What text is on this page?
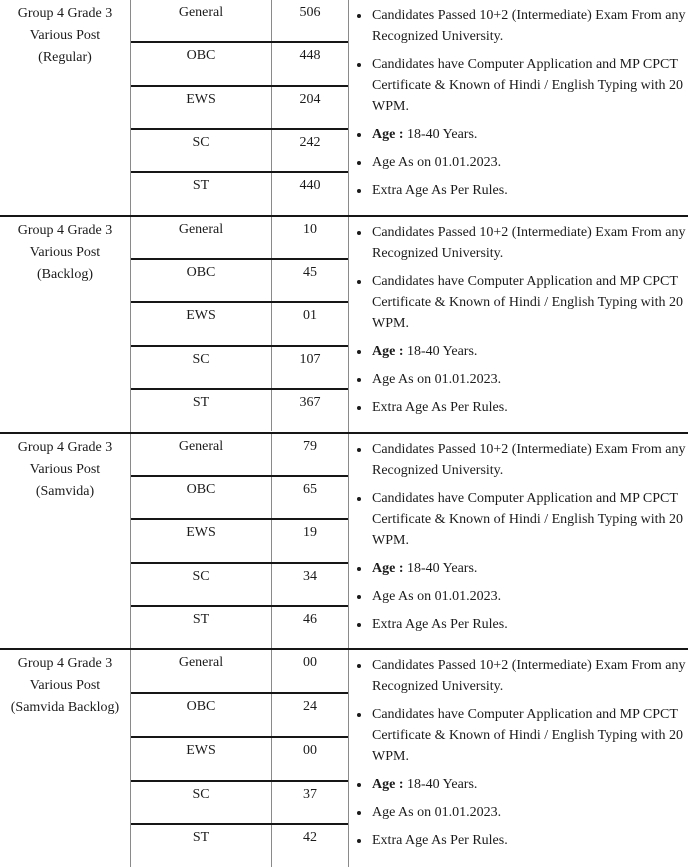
Group 4 Grade 3
Various Post
(Regular)
General	506
OBC	448
EWS	204
SC	242
ST	440
• Candidates Passed 10+2 (Intermediate) Exam From any Recognized University.
• Candidates have Computer Application and MP CPCT Certificate & Known of Hindi / English Typing with 20 WPM.
• Age : 18-40 Years.
• Age As on 01.01.2023.
• Extra Age As Per Rules.
Group 4 Grade 3
Various Post
(Backlog)
General	10
OBC	45
EWS	01
SC	107
ST	367
• Candidates Passed 10+2 (Intermediate) Exam From any Recognized University.
• Candidates have Computer Application and MP CPCT Certificate & Known of Hindi / English Typing with 20 WPM.
• Age : 18-40 Years.
• Age As on 01.01.2023.
• Extra Age As Per Rules.
Group 4 Grade 3
Various Post
(Samvida)
General	79
OBC	65
EWS	19
SC	34
ST	46
• Candidates Passed 10+2 (Intermediate) Exam From any Recognized University.
• Candidates have Computer Application and MP CPCT Certificate & Known of Hindi / English Typing with 20 WPM.
• Age : 18-40 Years.
• Age As on 01.01.2023.
• Extra Age As Per Rules.
Group 4 Grade 3
Various Post
(Samvida Backlog)
General	00
OBC	24
EWS	00
SC	37
ST	42
• Candidates Passed 10+2 (Intermediate) Exam From any Recognized University.
• Candidates have Computer Application and MP CPCT Certificate & Known of Hindi / English Typing with 20 WPM.
• Age : 18-40 Years.
• Age As on 01.01.2023.
• Extra Age As Per Rules.
